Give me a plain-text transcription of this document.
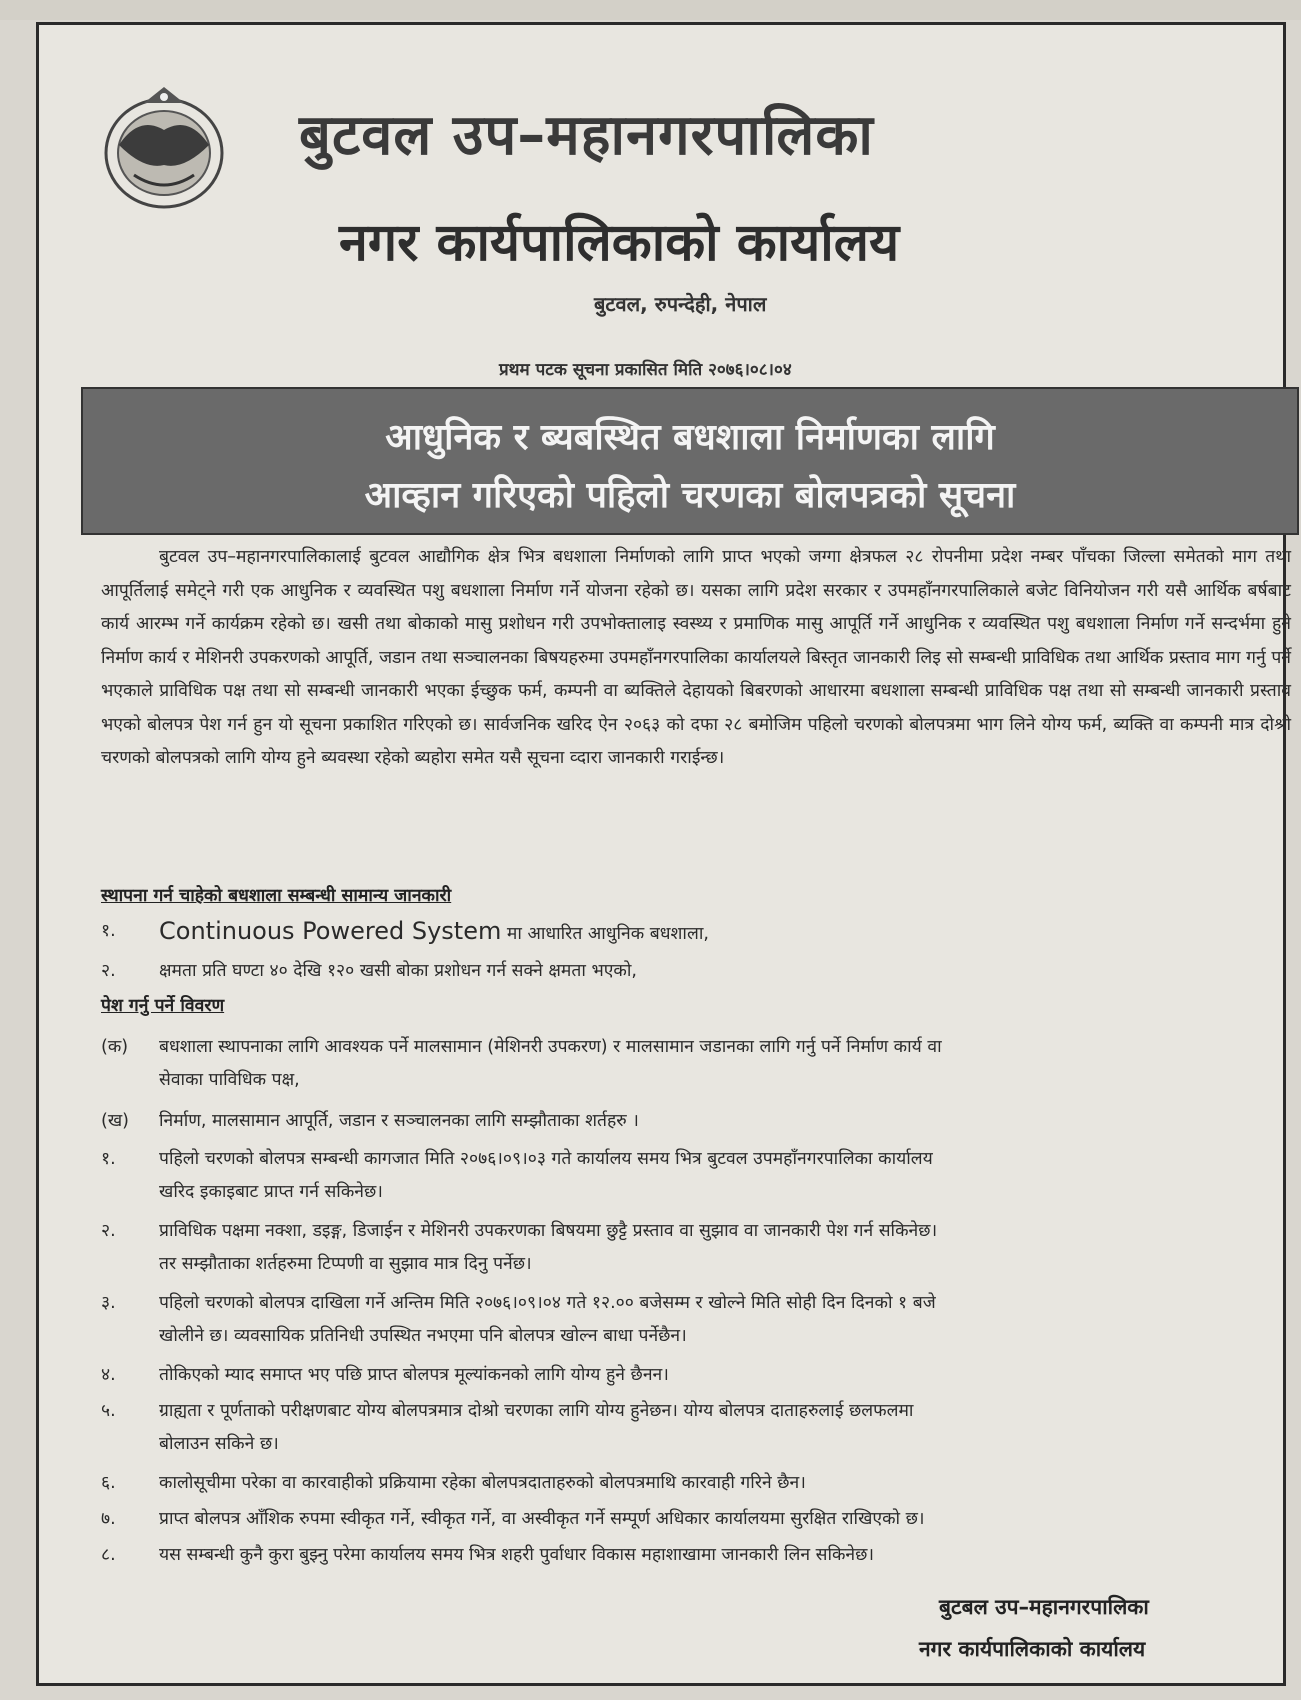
बुटवल उप–महानगरपालिका
नगर कार्यपालिकाको कार्यालय
बुटवल, रुपन्देही, नेपाल
प्रथम पटक सूचना प्रकासित मिति २०७६।०८।०४
आधुनिक र ब्यबस्थित बधशाला निर्माणका लागि
आव्हान गरिएको पहिलो चरणका बोलपत्रको सूचना
बुटवल उप–महानगरपालिकालाई बुटवल आद्यौगिक क्षेत्र भित्र बधशाला निर्माणको लागि प्राप्त भएको जग्गा क्षेत्रफल २८ रोपनीमा प्रदेश नम्बर पाँचका जिल्ला समेतको माग तथा आपूर्तिलाई समेट्ने गरी एक आधुनिक र व्यवस्थित पशु बधशाला निर्माण गर्ने योजना रहेको छ। यसका लागि प्रदेश सरकार र उपमहाँनगरपालिकाले बजेट विनियोजन गरी यसै आर्थिक बर्षबाट कार्य आरम्भ गर्ने कार्यक्रम रहेको छ। खसी तथा बोकाको मासु प्रशोधन गरी उपभोक्तालाइ स्वस्थ्य र प्रमाणिक मासु आपूर्ति गर्ने आधुनिक र व्यवस्थित पशु बधशाला निर्माण गर्ने सन्दर्भमा हुने निर्माण कार्य र मेशिनरी उपकरणको आपूर्ति, जडान तथा सञ्चालनका बिषयहरुमा उपमहाँनगरपालिका कार्यालयले बिस्तृत जानकारी लिइ सो सम्बन्धी प्राविधिक तथा आर्थिक प्रस्ताव माग गर्नु पर्ने भएकाले प्राविधिक पक्ष तथा सो सम्बन्धी जानकारी भएका ईच्छुक फर्म, कम्पनी वा ब्यक्तिले देहायको बिबरणको आधारमा बधशाला सम्बन्धी प्राविधिक पक्ष तथा सो सम्बन्धी जानकारी प्रस्ताव भएको बोलपत्र पेश गर्न हुन यो सूचना प्रकाशित गरिएको छ। सार्वजनिक खरिद ऐन २०६३ को दफा २८ बमोजिम पहिलो चरणको बोलपत्रमा भाग लिने योग्य फर्म, ब्यक्ति वा कम्पनी मात्र दोश्रो चरणको बोलपत्रको लागि योग्य हुने ब्यवस्था रहेको ब्यहोरा समेत यसै सूचना व्दारा जानकारी गराईन्छ।
स्थापना गर्न चाहेको बधशाला सम्बन्धी सामान्य जानकारी
१.	Continuous Powered System मा आधारित आधुनिक बधशाला,
२.	क्षमता प्रति घण्टा ४० देखि १२० खसी बोका प्रशोधन गर्न सक्ने क्षमता भएको,
पेश गर्नु पर्ने विवरण
(क)	बधशाला स्थापनाका लागि आवश्यक पर्ने मालसामान (मेशिनरी उपकरण) र मालसामान जडानका लागि गर्नु पर्ने निर्माण कार्य वा
सेवाका पाविधिक पक्ष,
(ख)	निर्माण, मालसामान आपूर्ति, जडान र सञ्चालनका लागि सम्झौताका शर्तहरु ।
१.	पहिलो चरणको बोलपत्र सम्बन्धी कागजात मिति २०७६।०९।०३ गते कार्यालय समय भित्र बुटवल उपमहाँनगरपालिका कार्यालय
खरिद इकाइबाट प्राप्त गर्न सकिनेछ।
२.	प्राविधिक पक्षमा नक्शा, डइङ्ग, डिजाईन र मेशिनरी उपकरणका बिषयमा छुट्टै प्रस्ताव वा सुझाव वा जानकारी पेश गर्न सकिनेछ।
तर सम्झौताका शर्तहरुमा टिप्पणी वा सुझाव मात्र दिनु पर्नेछ।
३.	पहिलो चरणको बोलपत्र दाखिला गर्ने अन्तिम मिति २०७६।०९।०४ गते १२.०० बजेसम्म र खोल्ने मिति सोही दिन दिनको १ बजे
खोलीने छ। व्यवसायिक प्रतिनिधी उपस्थित नभएमा पनि बोलपत्र खोल्न बाधा पर्नेछैन।
४.	तोकिएको म्याद समाप्त भए पछि प्राप्त बोलपत्र मूल्यांकनको लागि योग्य हुने छैनन।
५.	ग्राह्यता र पूर्णताको परीक्षणबाट योग्य बोलपत्रमात्र दोश्रो चरणका लागि योग्य हुनेछन। योग्य बोलपत्र दाताहरुलाई छलफलमा
बोलाउन सकिने छ।
६.	कालोसूचीमा परेका वा कारवाहीको प्रक्रियामा रहेका बोलपत्रदाताहरुको बोलपत्रमाथि कारवाही गरिने छैन।
७.	प्राप्त बोलपत्र आँशिक रुपमा स्वीकृत गर्ने, स्वीकृत गर्ने, वा अस्वीकृत गर्ने सम्पूर्ण अधिकार कार्यालयमा सुरक्षित राखिएको छ।
८.	यस सम्बन्धी कुनै कुरा बुझ्नु परेमा कार्यालय समय भित्र शहरी पुर्वाधार विकास महाशाखामा जानकारी लिन सकिनेछ।
बुटबल उप–महानगरपालिका
नगर कार्यपालिकाको कार्यालय
